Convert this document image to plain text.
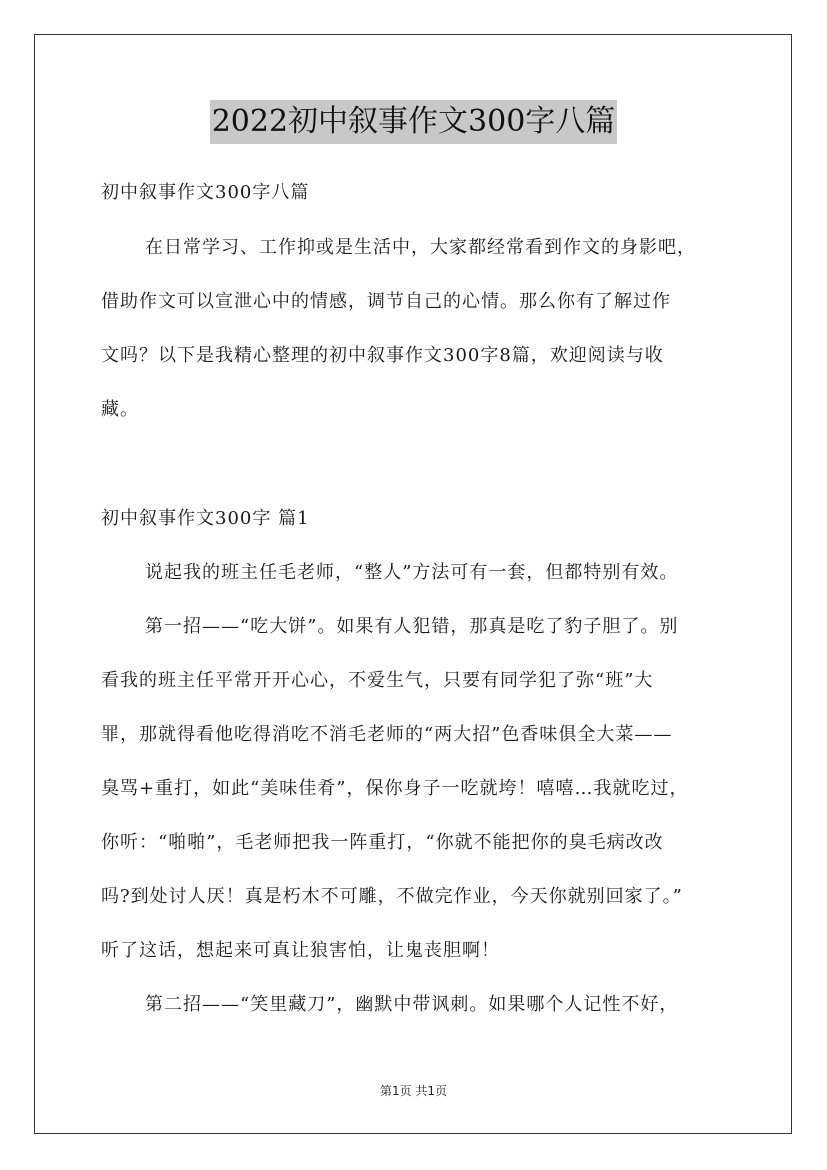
2022初中叙事作文300字八篇
初中叙事作文300字八篇
在日常学习、工作抑或是生活中，大家都经常看到作文的身影吧，
借助作文可以宣泄心中的情感，调节自己的心情。那么你有了解过作
文吗？以下是我精心整理的初中叙事作文300字8篇，欢迎阅读与收
藏。
初中叙事作文300字 篇1
说起我的班主任毛老师，“整人”方法可有一套，但都特别有效。
第一招——“吃大饼”。如果有人犯错，那真是吃了豹子胆了。别
看我的班主任平常开开心心，不爱生气，只要有同学犯了弥“班”大
罪，那就得看他吃得消吃不消毛老师的“两大招”色香味俱全大菜——
臭骂+重打，如此“美味佳肴”，保你身子一吃就垮！嘻嘻…我就吃过，
你听：“啪啪”，毛老师把我一阵重打，“你就不能把你的臭毛病改改
吗?到处讨人厌！真是朽木不可雕，不做完作业，今天你就别回家了。”
听了这话，想起来可真让狼害怕，让鬼丧胆啊！
第二招——“笑里藏刀”，幽默中带讽刺。如果哪个人记性不好，
第1页 共1页
